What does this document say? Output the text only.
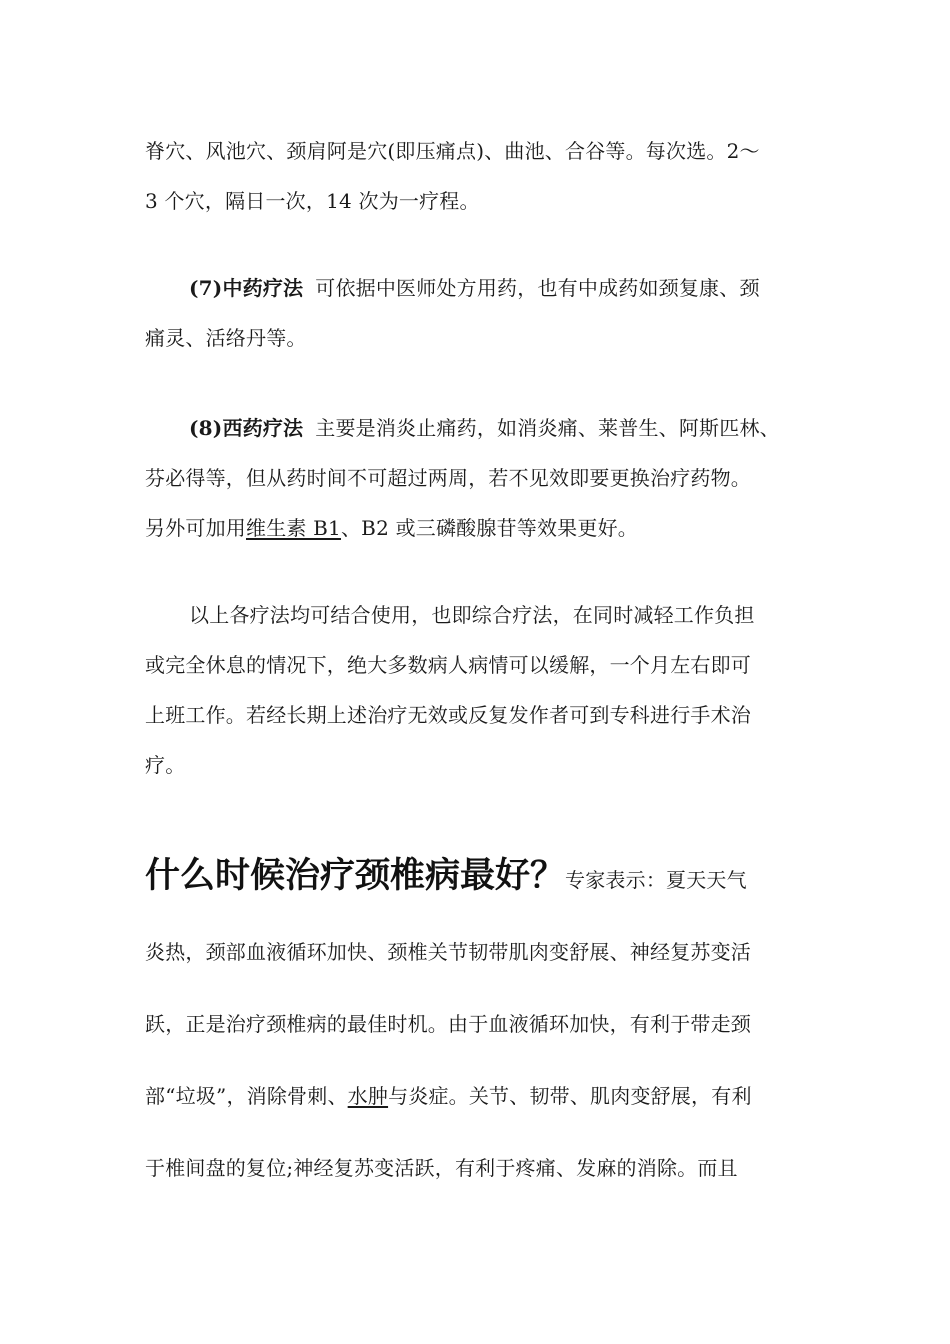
脊穴、风池穴、颈肩阿是穴(即压痛点)、曲池、合谷等。每次选。2～
3 个穴，隔日一次，14 次为一疗程。
(7)中药疗法 可依据中医师处方用药，也有中成药如颈复康、颈
痛灵、活络丹等。
(8)西药疗法 主要是消炎止痛药，如消炎痛、莱普生、阿斯匹林、
芬必得等，但从药时间不可超过两周，若不见效即要更换治疗药物。
另外可加用维生素 B1、B2 或三磷酸腺苷等效果更好。
以上各疗法均可结合使用，也即综合疗法，在同时减轻工作负担
或完全休息的情况下，绝大多数病人病情可以缓解，一个月左右即可
上班工作。若经长期上述治疗无效或反复发作者可到专科进行手术治
疗。
什么时候治疗颈椎病最好？专家表示：夏天天气
炎热，颈部血液循环加快、颈椎关节韧带肌肉变舒展、神经复苏变活
跃，正是治疗颈椎病的最佳时机。由于血液循环加快，有利于带走颈
部“垃圾”，消除骨刺、水肿与炎症。关节、韧带、肌肉变舒展，有利
于椎间盘的复位;神经复苏变活跃，有利于疼痛、发麻的消除。而且
